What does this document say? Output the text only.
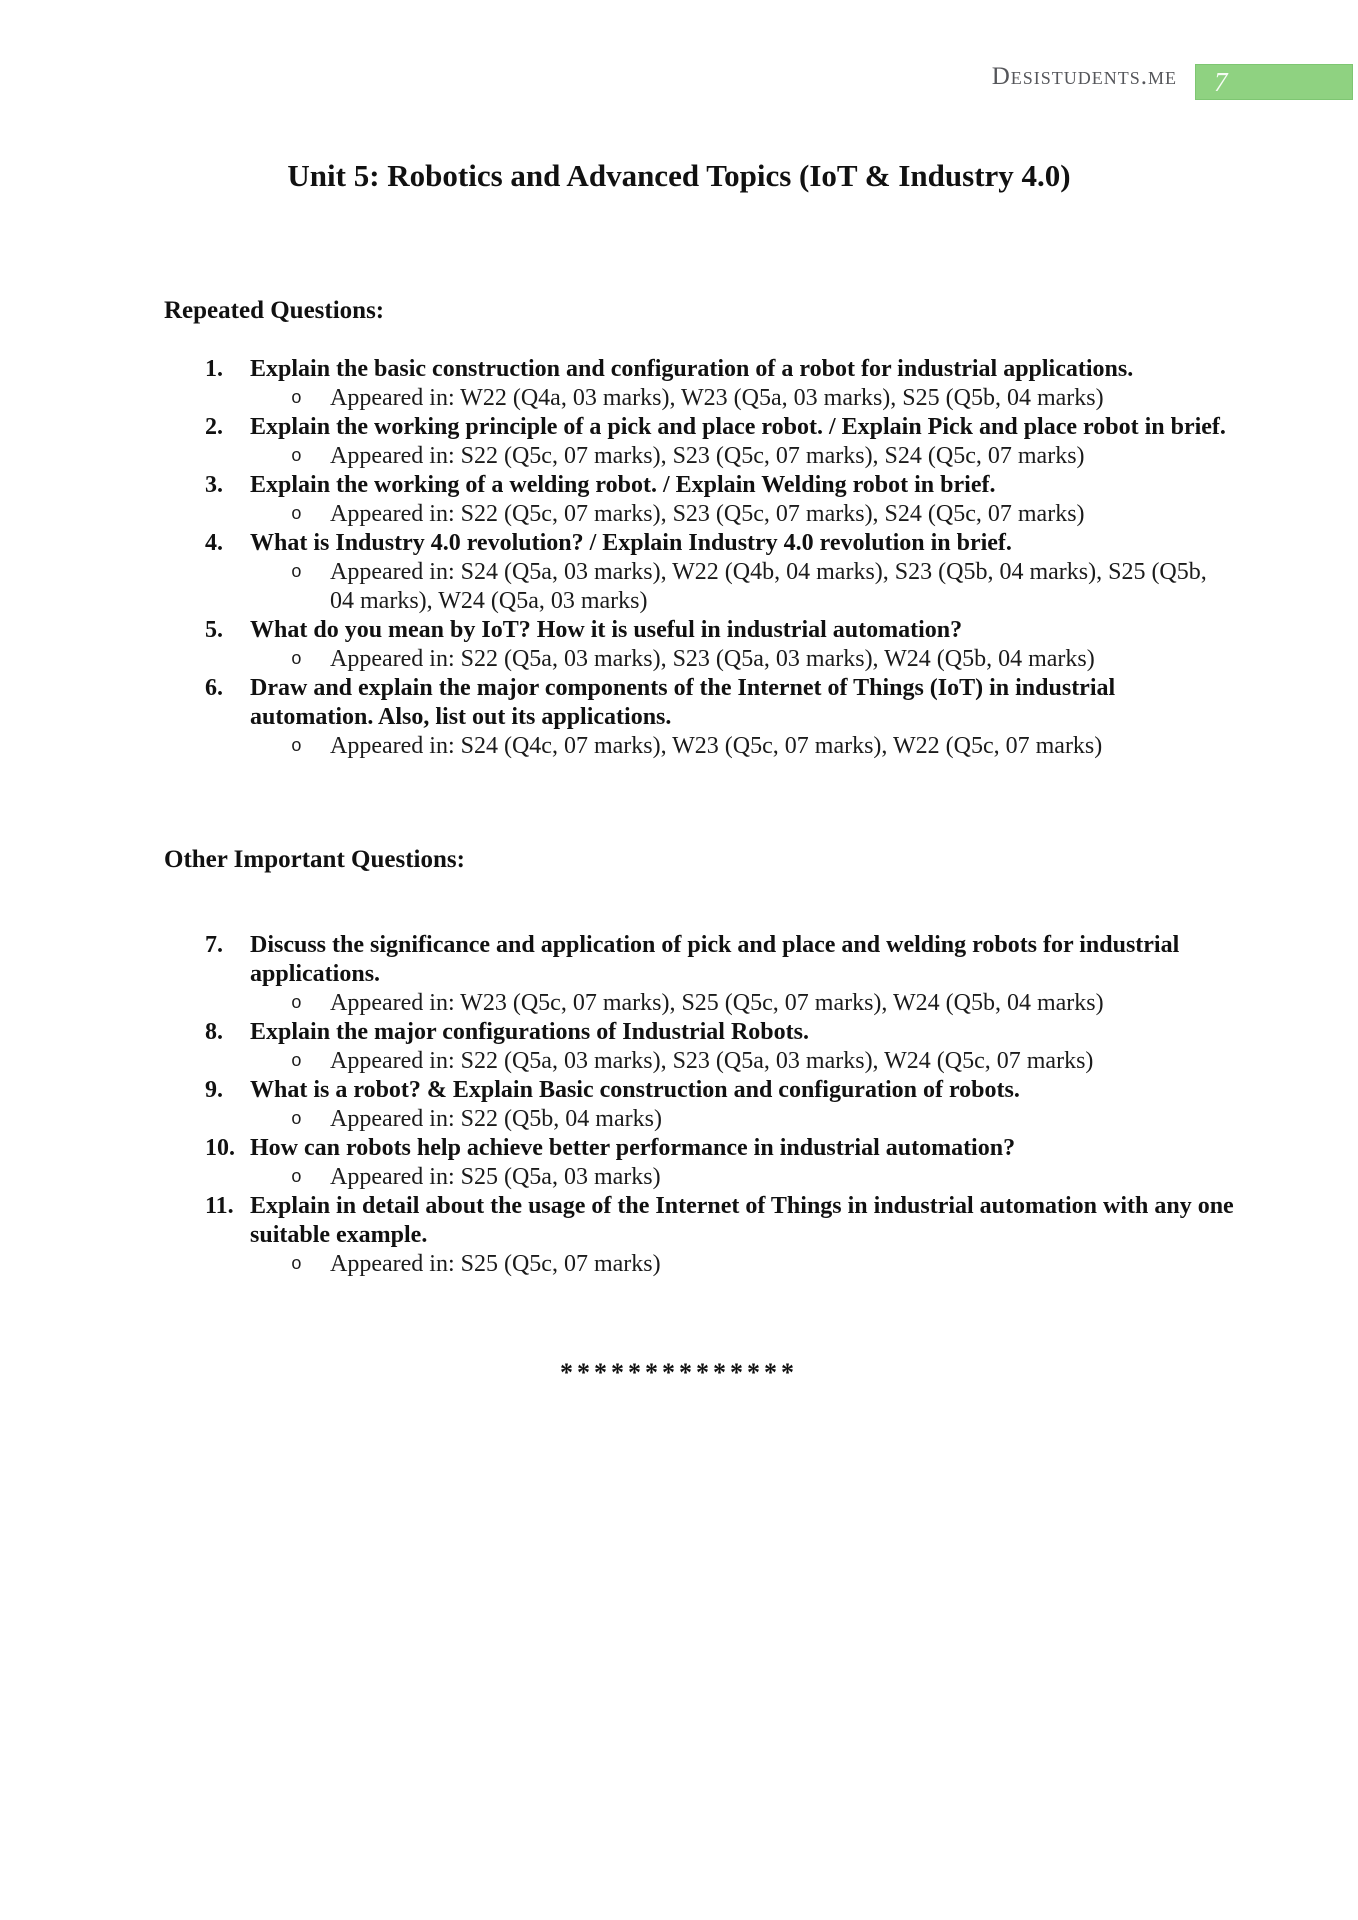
Desistudents.me 7
Unit 5: Robotics and Advanced Topics (IoT & Industry 4.0)
Repeated Questions:
1. Explain the basic construction and configuration of a robot for industrial applications.
o Appeared in: W22 (Q4a, 03 marks), W23 (Q5a, 03 marks), S25 (Q5b, 04 marks)
2. Explain the working principle of a pick and place robot. / Explain Pick and place robot in brief.
o Appeared in: S22 (Q5c, 07 marks), S23 (Q5c, 07 marks), S24 (Q5c, 07 marks)
3. Explain the working of a welding robot. / Explain Welding robot in brief.
o Appeared in: S22 (Q5c, 07 marks), S23 (Q5c, 07 marks), S24 (Q5c, 07 marks)
4. What is Industry 4.0 revolution? / Explain Industry 4.0 revolution in brief.
o Appeared in: S24 (Q5a, 03 marks), W22 (Q4b, 04 marks), S23 (Q5b, 04 marks), S25 (Q5b, 04 marks), W24 (Q5a, 03 marks)
5. What do you mean by IoT? How it is useful in industrial automation?
o Appeared in: S22 (Q5a, 03 marks), S23 (Q5a, 03 marks), W24 (Q5b, 04 marks)
6. Draw and explain the major components of the Internet of Things (IoT) in industrial automation. Also, list out its applications.
o Appeared in: S24 (Q4c, 07 marks), W23 (Q5c, 07 marks), W22 (Q5c, 07 marks)
Other Important Questions:
7. Discuss the significance and application of pick and place and welding robots for industrial applications.
o Appeared in: W23 (Q5c, 07 marks), S25 (Q5c, 07 marks), W24 (Q5b, 04 marks)
8. Explain the major configurations of Industrial Robots.
o Appeared in: S22 (Q5a, 03 marks), S23 (Q5a, 03 marks), W24 (Q5c, 07 marks)
9. What is a robot? & Explain Basic construction and configuration of robots.
o Appeared in: S22 (Q5b, 04 marks)
10. How can robots help achieve better performance in industrial automation?
o Appeared in: S25 (Q5a, 03 marks)
11. Explain in detail about the usage of the Internet of Things in industrial automation with any one suitable example.
o Appeared in: S25 (Q5c, 07 marks)
**************
